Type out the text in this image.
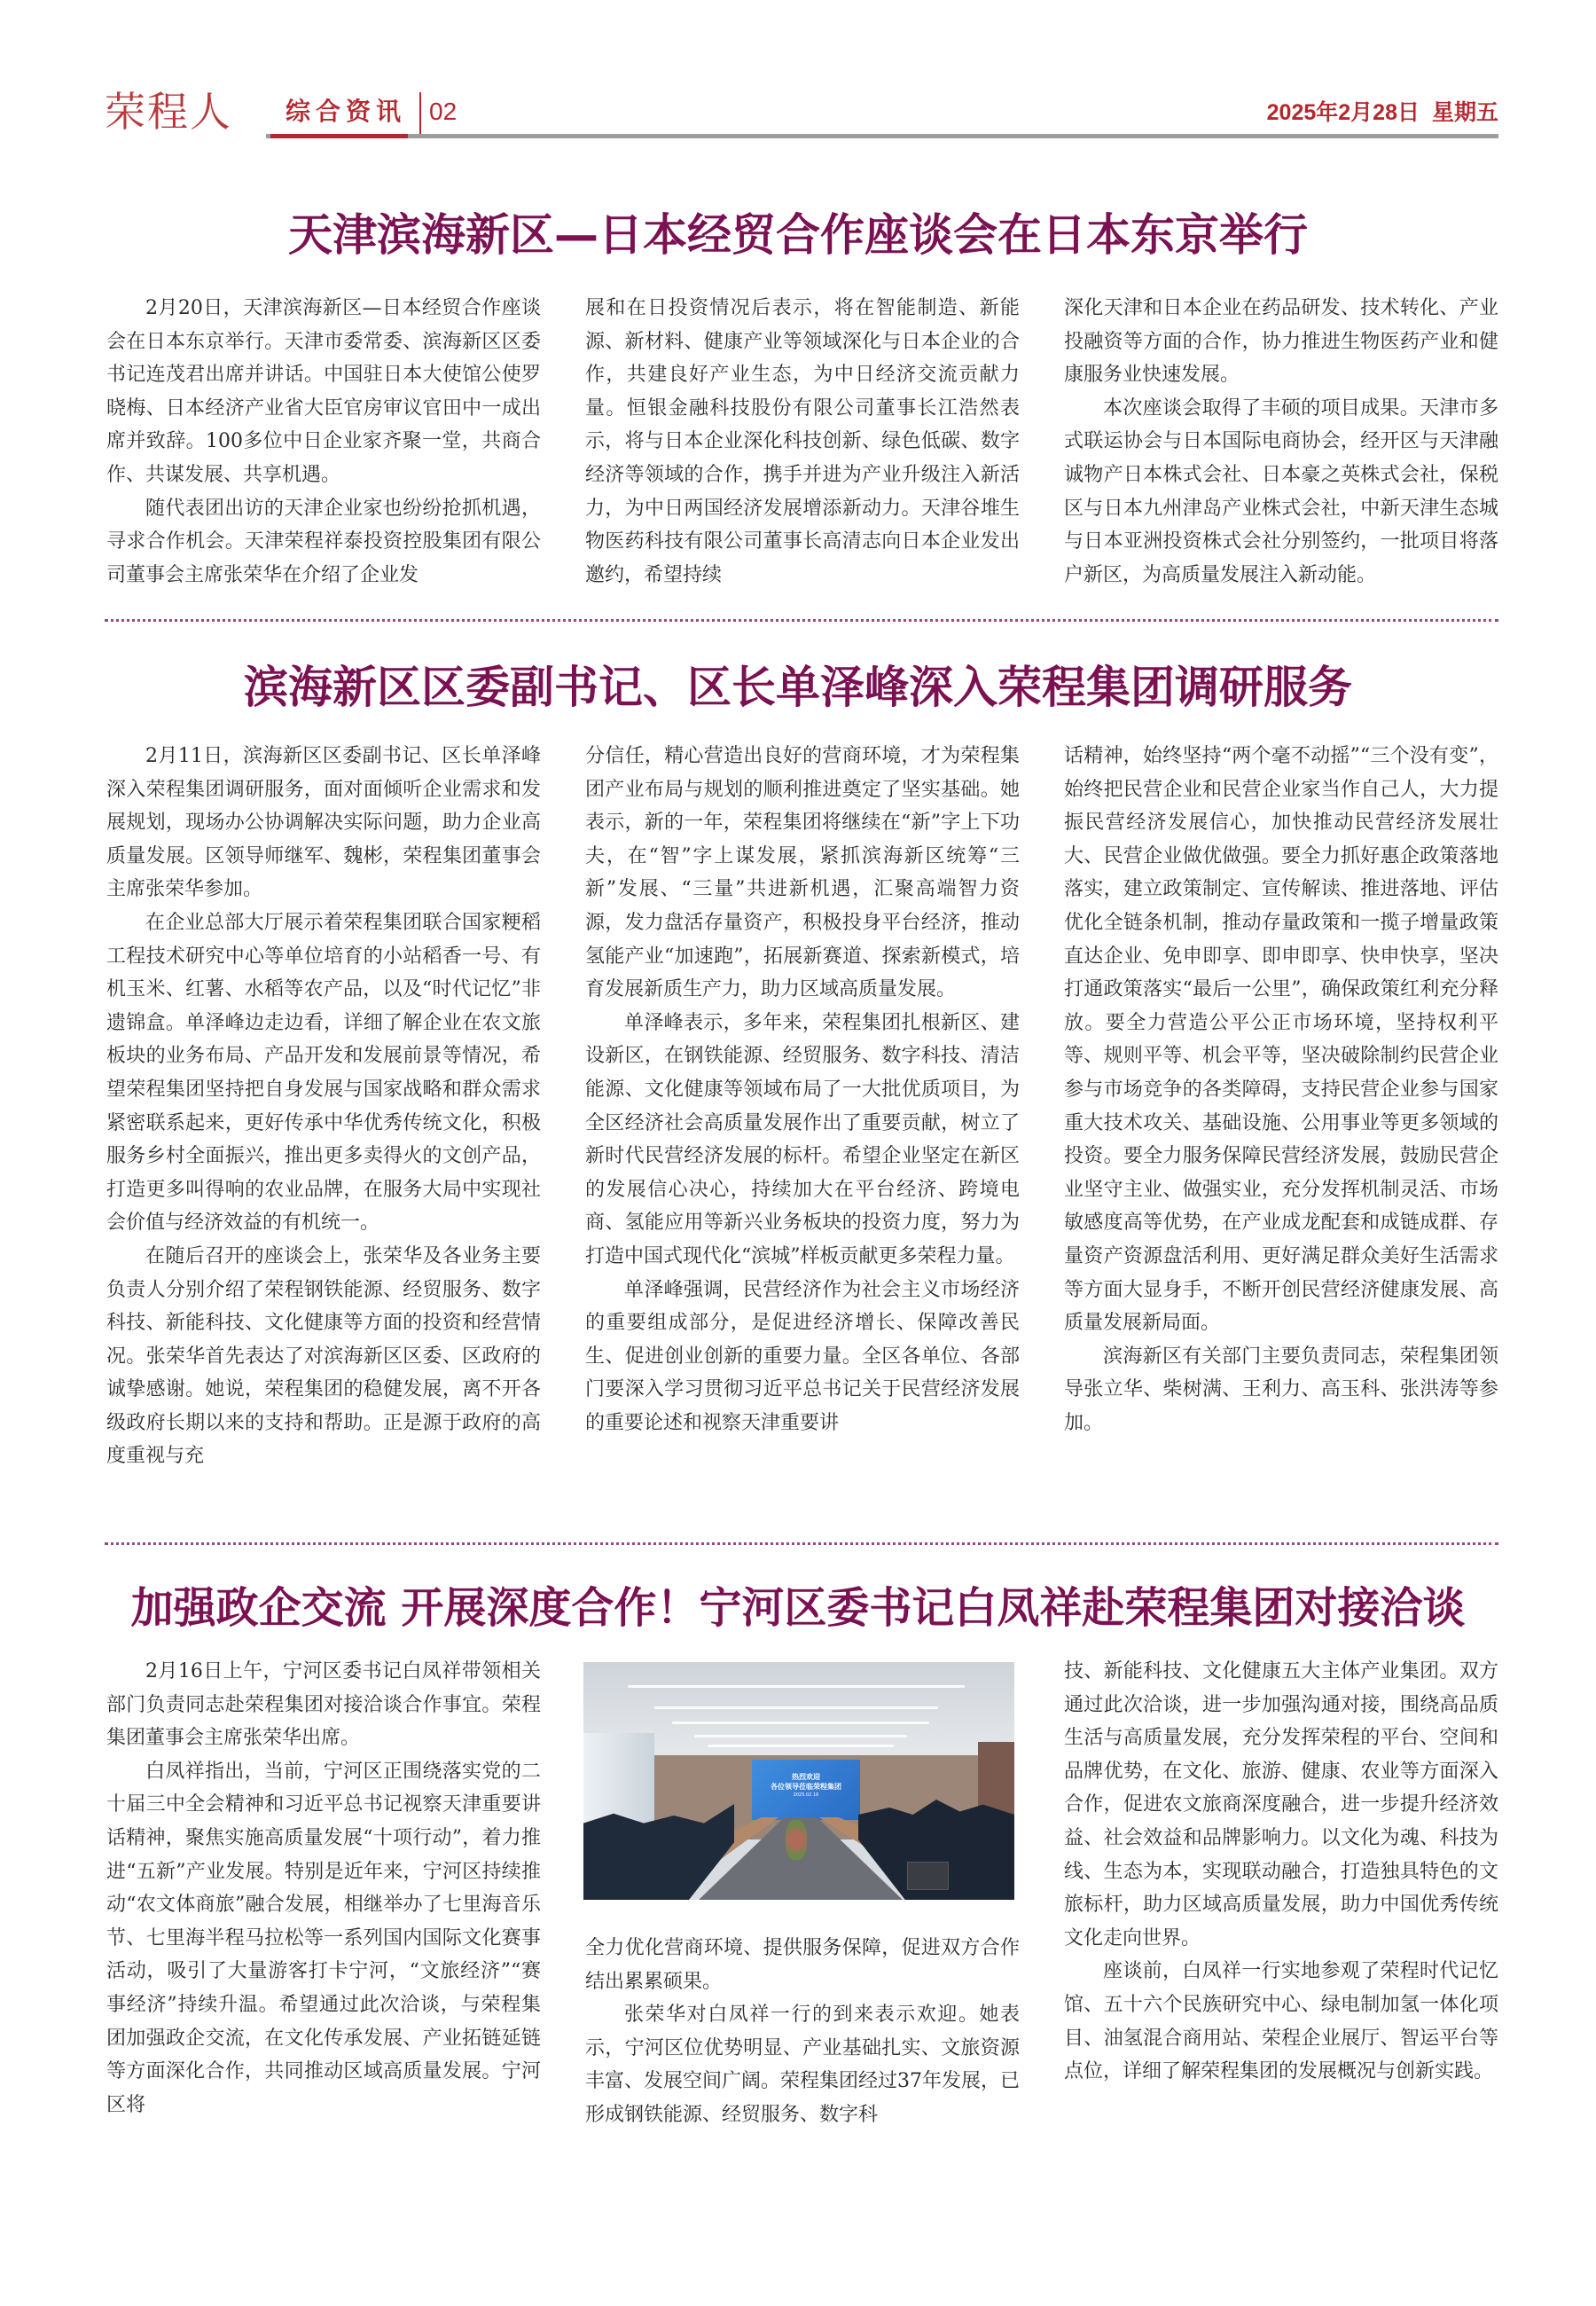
荣程人 综合资讯 02	2025年2月28日 星期五
天津滨海新区—日本经贸合作座谈会在日本东京举行

2月20日，天津滨海新区—日本经贸合作座谈会在日本东京举行。天津市委常委、滨海新区区委书记连茂君出席并讲话。中国驻日本大使馆公使罗晓梅、日本经济产业省大臣官房审议官田中一成出席并致辞。100多位中日企业家齐聚一堂，共商合作、共谋发展、共享机遇。

随代表团出访的天津企业家也纷纷抢抓机遇，寻求合作机会。天津荣程祥泰投资控股集团有限公司董事会主席张荣华在介绍了企业发

展和在日投资情况后表示，将在智能制造、新能源、新材料、健康产业等领域深化与日本企业的合作，共建良好产业生态，为中日经济交流贡献力量。恒银金融科技股份有限公司董事长江浩然表示，将与日本企业深化科技创新、绿色低碳、数字经济等领域的合作，携手并进为产业升级注入新活力，为中日两国经济发展增添新动力。天津谷堆生物医药科技有限公司董事长高清志向日本企业发出邀约，希望持续

深化天津和日本企业在药品研发、技术转化、产业投融资等方面的合作，协力推进生物医药产业和健康服务业快速发展。

本次座谈会取得了丰硕的项目成果。天津市多式联运协会与日本国际电商协会，经开区与天津融诚物产日本株式会社、日本豪之英株式会社，保税区与日本九州津岛产业株式会社，中新天津生态城与日本亚洲投资株式会社分别签约，一批项目将落户新区，为高质量发展注入新动能。

滨海新区区委副书记、区长单泽峰深入荣程集团调研服务

2月11日，滨海新区区委副书记、区长单泽峰深入荣程集团调研服务，面对面倾听企业需求和发展规划，现场办公协调解决实际问题，助力企业高质量发展。区领导师继军、魏彬，荣程集团董事会主席张荣华参加。

在企业总部大厅展示着荣程集团联合国家粳稻工程技术研究中心等单位培育的小站稻香一号、有机玉米、红薯、水稻等农产品，以及“时代记忆”非遗锦盒。单泽峰边走边看，详细了解企业在农文旅板块的业务布局、产品开发和发展前景等情况，希望荣程集团坚持把自身发展与国家战略和群众需求紧密联系起来，更好传承中华优秀传统文化，积极服务乡村全面振兴，推出更多卖得火的文创产品，打造更多叫得响的农业品牌，在服务大局中实现社会价值与经济效益的有机统一。

在随后召开的座谈会上，张荣华及各业务主要负责人分别介绍了荣程钢铁能源、经贸服务、数字科技、新能科技、文化健康等方面的投资和经营情况。张荣华首先表达了对滨海新区区委、区政府的诚挚感谢。她说，荣程集团的稳健发展，离不开各级政府长期以来的支持和帮助。正是源于政府的高度重视与充

分信任，精心营造出良好的营商环境，才为荣程集团产业布局与规划的顺利推进奠定了坚实基础。她表示，新的一年，荣程集团将继续在“新”字上下功夫，在“智”字上谋发展，紧抓滨海新区统筹“三新”发展、“三量”共进新机遇，汇聚高端智力资源，发力盘活存量资产，积极投身平台经济，推动氢能产业“加速跑”，拓展新赛道、探索新模式，培育发展新质生产力，助力区域高质量发展。

单泽峰表示，多年来，荣程集团扎根新区、建设新区，在钢铁能源、经贸服务、数字科技、清洁能源、文化健康等领域布局了一大批优质项目，为全区经济社会高质量发展作出了重要贡献，树立了新时代民营经济发展的标杆。希望企业坚定在新区的发展信心决心，持续加大在平台经济、跨境电商、氢能应用等新兴业务板块的投资力度，努力为打造中国式现代化“滨城”样板贡献更多荣程力量。

单泽峰强调，民营经济作为社会主义市场经济的重要组成部分，是促进经济增长、保障改善民生、促进创业创新的重要力量。全区各单位、各部门要深入学习贯彻习近平总书记关于民营经济发展的重要论述和视察天津重要讲

话精神，始终坚持“两个毫不动摇”“三个没有变”，始终把民营企业和民营企业家当作自己人，大力提振民营经济发展信心，加快推动民营经济发展壮大、民营企业做优做强。要全力抓好惠企政策落地落实，建立政策制定、宣传解读、推进落地、评估优化全链条机制，推动存量政策和一揽子增量政策直达企业、免申即享、即申即享、快申快享，坚决打通政策落实“最后一公里”，确保政策红利充分释放。要全力营造公平公正市场环境，坚持权利平等、规则平等、机会平等，坚决破除制约民营企业参与市场竞争的各类障碍，支持民营企业参与国家重大技术攻关、基础设施、公用事业等更多领域的投资。要全力服务保障民营经济发展，鼓励民营企业坚守主业、做强实业，充分发挥机制灵活、市场敏感度高等优势，在产业成龙配套和成链成群、存量资产资源盘活利用、更好满足群众美好生活需求等方面大显身手，不断开创民营经济健康发展、高质量发展新局面。

滨海新区有关部门主要负责同志，荣程集团领导张立华、柴树满、王利力、高玉科、张洪涛等参加。

加强政企交流 开展深度合作！宁河区委书记白凤祥赴荣程集团对接洽谈

2月16日上午，宁河区委书记白凤祥带领相关部门负责同志赴荣程集团对接洽谈合作事宜。荣程集团董事会主席张荣华出席。

白凤祥指出，当前，宁河区正围绕落实党的二十届三中全会精神和习近平总书记视察天津重要讲话精神，聚焦实施高质量发展“十项行动”，着力推进“五新”产业发展。特别是近年来，宁河区持续推动“农文体商旅”融合发展，相继举办了七里海音乐节、七里海半程马拉松等一系列国内国际文化赛事活动，吸引了大量游客打卡宁河，“文旅经济”“赛事经济”持续升温。希望通过此次洽谈，与荣程集团加强政企交流，在文化传承发展、产业拓链延链等方面深化合作，共同推动区域高质量发展。宁河区将

全力优化营商环境、提供服务保障，促进双方合作结出累累硕果。

张荣华对白凤祥一行的到来表示欢迎。她表示，宁河区位优势明显、产业基础扎实、文旅资源丰富、发展空间广阔。荣程集团经过37年发展，已形成钢铁能源、经贸服务、数字科

技、新能科技、文化健康五大主体产业集团。双方通过此次洽谈，进一步加强沟通对接，围绕高品质生活与高质量发展，充分发挥荣程的平台、空间和品牌优势，在文化、旅游、健康、农业等方面深入合作，促进农文旅商深度融合，进一步提升经济效益、社会效益和品牌影响力。以文化为魂、科技为线、生态为本，实现联动融合，打造独具特色的文旅标杆，助力区域高质量发展，助力中国优秀传统文化走向世界。

座谈前，白凤祥一行实地参观了荣程时代记忆馆、五十六个民族研究中心、绿电制加氢一体化项目、油氢混合商用站、荣程企业展厅、智运平台等点位，详细了解荣程集团的发展概况与创新实践。

热烈欢迎
各位领导莅临荣程集团
2025.02.16
